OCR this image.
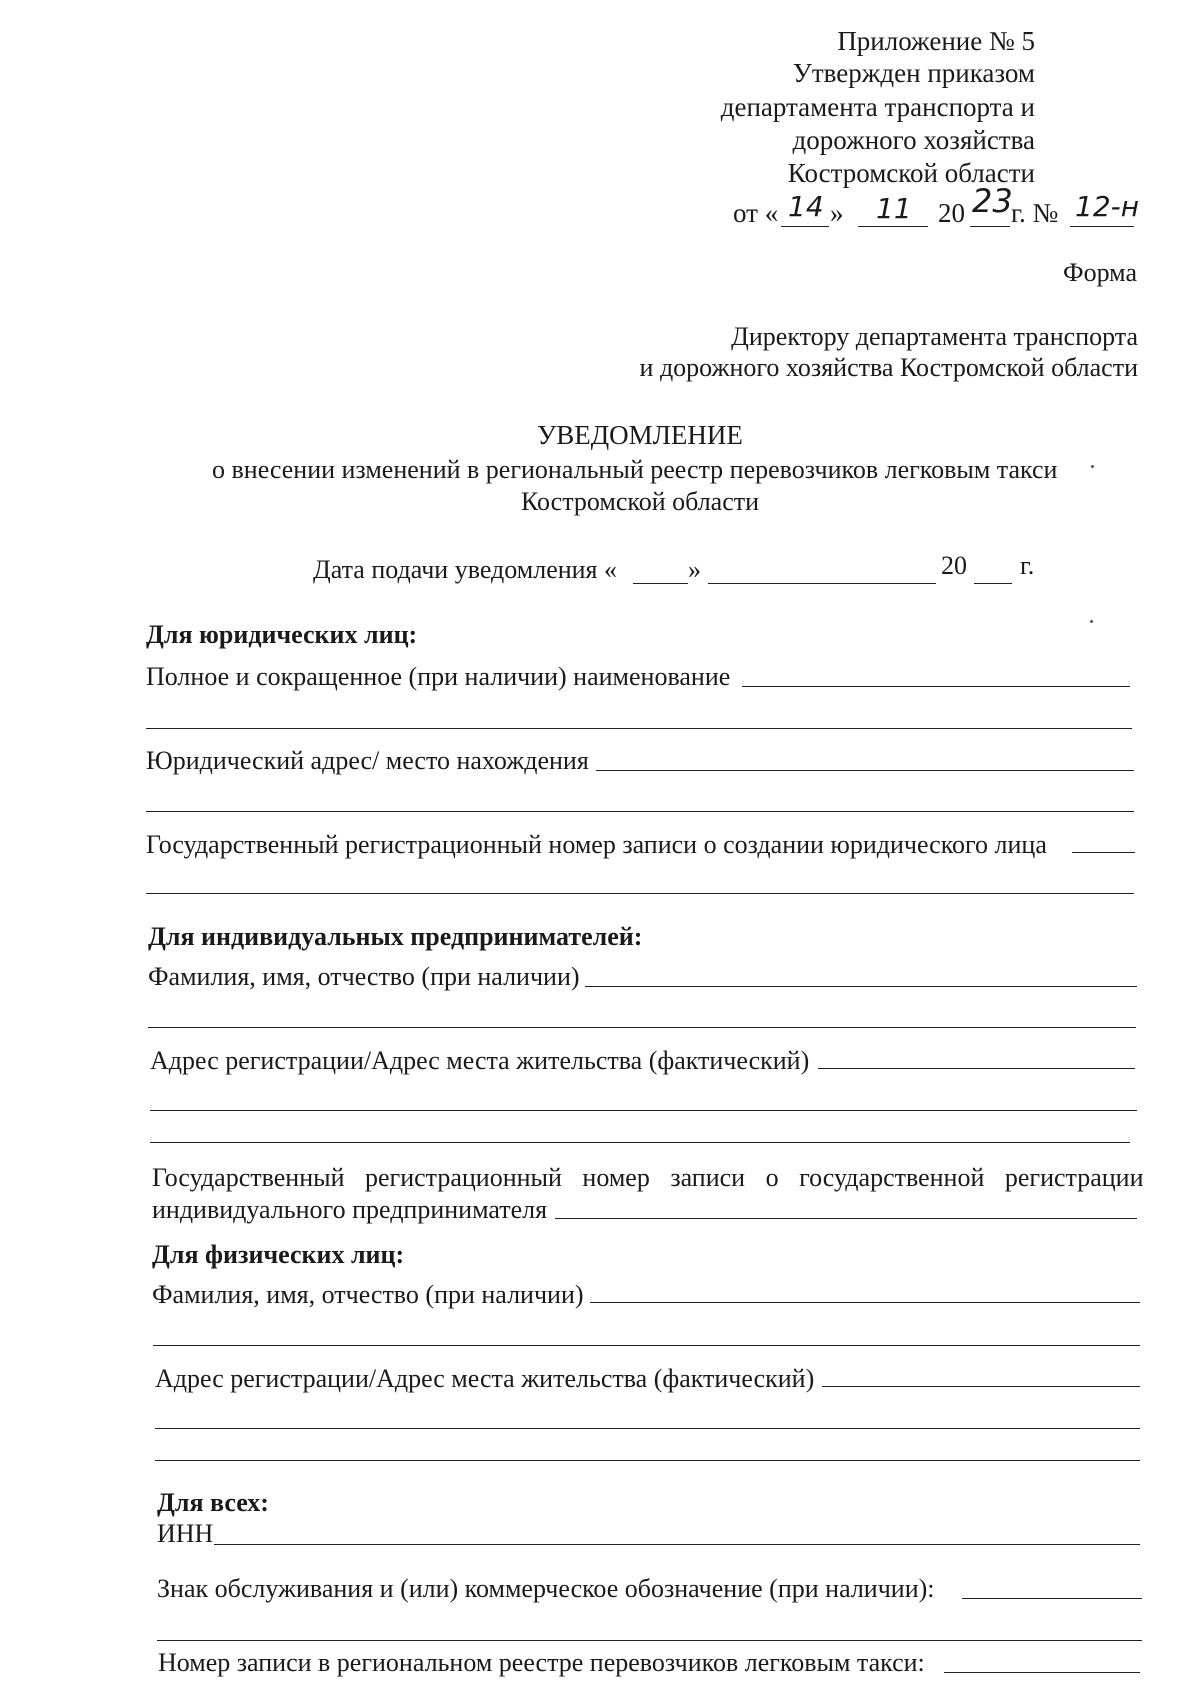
Приложение № 5
Утвержден приказом
департамента транспорта и
дорожного хозяйства
Костромской области
от « 14 » 11 20 23
г. № 12-н
Форма
Директору департамента транспорта
и дорожного хозяйства Костромской области
УВЕДОМЛЕНИЕ
о внесении изменений в региональный реестр перевозчиков легковым такси
Костромской области
Дата подачи уведомления «	»	20 г.
Для юридических лиц:
Полное и сокращенное (при наличии) наименование
Юридический адрес/ место нахождения
Государственный регистрационный номер записи о создании юридического лица
Для индивидуальных предпринимателей:
Фамилия, имя, отчество (при наличии)
Адрес регистрации/Адрес места жительства (фактический)
Государственный регистрационный номер записи о государственной регистрации
индивидуального предпринимателя
Для физических лиц:
Фамилия, имя, отчество (при наличии)
Адрес регистрации/Адрес места жительства (фактический)
Для всех:
ИНН
Знак обслуживания и (или) коммерческое обозначение (при наличии):
Номер записи в региональном реестре перевозчиков легковым такси:
